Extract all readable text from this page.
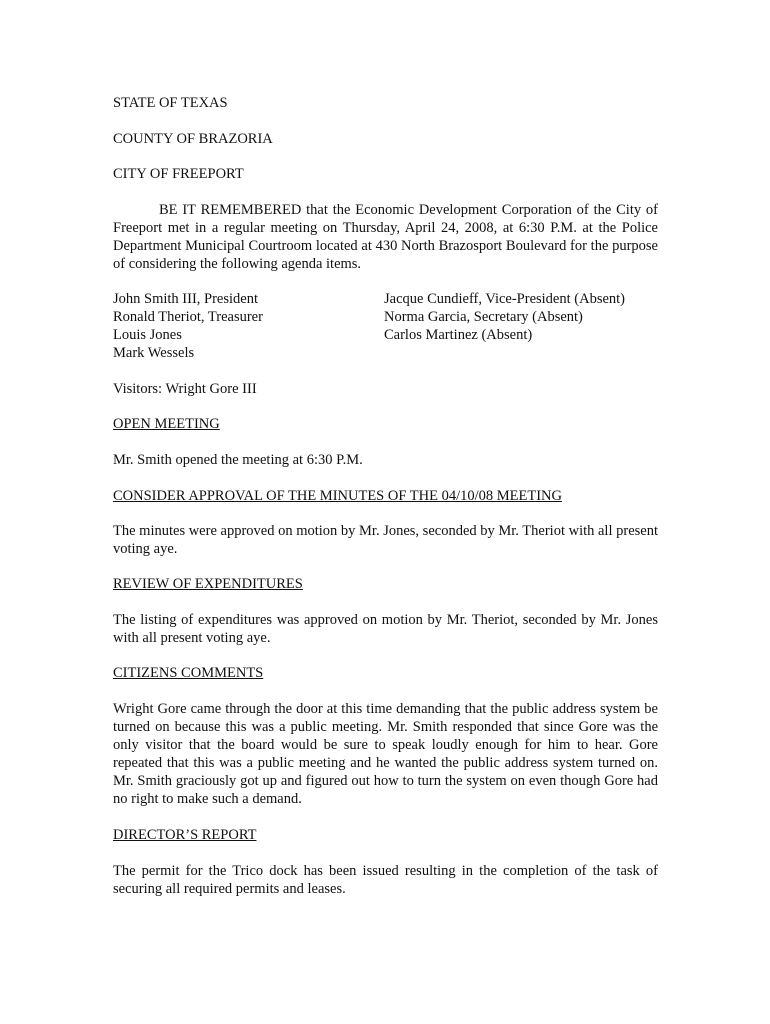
STATE OF TEXAS
COUNTY OF BRAZORIA
CITY OF FREEPORT
BE IT REMEMBERED that the Economic Development Corporation of the City of Freeport met in a regular meeting on Thursday, April 24, 2008, at 6:30 P.M. at the Police Department Municipal Courtroom located at 430 North Brazosport Boulevard for the purpose of considering the following agenda items.
John Smith III, President
Ronald Theriot, Treasurer
Louis Jones
Mark Wessels
Jacque Cundieff, Vice-President (Absent)
Norma Garcia, Secretary (Absent)
Carlos Martinez (Absent)
Visitors: Wright Gore III
OPEN MEETING
Mr. Smith opened the meeting at 6:30 P.M.
CONSIDER APPROVAL OF THE MINUTES OF THE 04/10/08 MEETING
The minutes were approved on motion by Mr. Jones, seconded by Mr. Theriot with all present voting aye.
REVIEW OF EXPENDITURES
The listing of expenditures was approved on motion by Mr. Theriot, seconded by Mr. Jones with all present voting aye.
CITIZENS COMMENTS
Wright Gore came through the door at this time demanding that the public address system be turned on because this was a public meeting. Mr. Smith responded that since Gore was the only visitor that the board would be sure to speak loudly enough for him to hear. Gore repeated that this was a public meeting and he wanted the public address system turned on. Mr. Smith graciously got up and figured out how to turn the system on even though Gore had no right to make such a demand.
DIRECTOR’S REPORT
The permit for the Trico dock has been issued resulting in the completion of the task of securing all required permits and leases.
